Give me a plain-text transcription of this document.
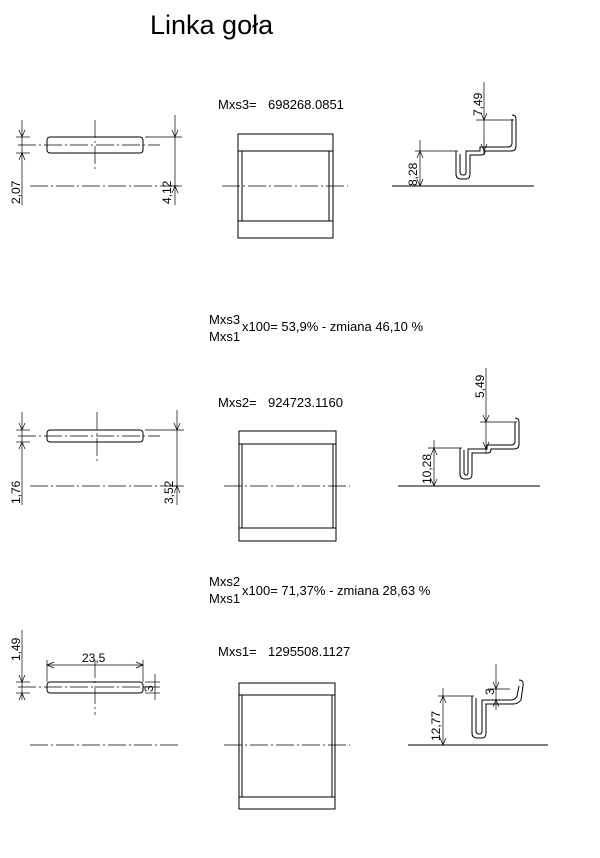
Linka goła
2,07	4,12
Mxs3= 698268.0851
8,28
7,49
Mxs3
Mxs1
x100= 53,9% - zmiana 46,10 %
1,76	3,52
Mxs2= 924723.1160
10,28
5,49
Mxs2
Mxs1
x100= 71,37% - zmiana 28,63 %
23,5
1,49
3
Mxs1= 1295508.1127
12,77
3
